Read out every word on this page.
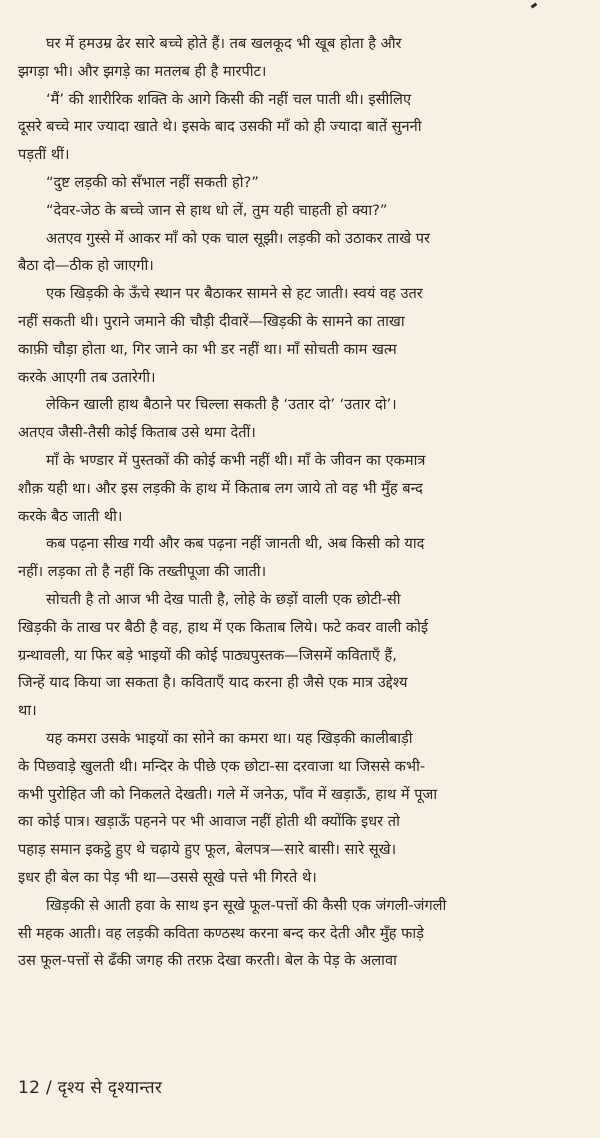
घर में हमउम्र ढेर सारे बच्चे होते हैं। तब खलकूद भी खूब होता है और
झगड़ा भी। और झगड़े का मतलब ही है मारपीट।
‘मैं’ की शारीरिक शक्ति के आगे किसी की नहीं चल पाती थी। इसीलिए
दूसरे बच्चे मार ज्यादा खाते थे। इसके बाद उसकी माँ को ही ज्यादा बातें सुननी
पड़तीं थीं।
“दुष्ट लड़की को सँभाल नहीं सकती हो?”
“देवर-जेठ के बच्चे जान से हाथ धो लें, तुम यही चाहती हो क्या?”
अतएव गुस्से में आकर माँ को एक चाल सूझी। लड़की को उठाकर ताखे पर
बैठा दो—ठीक हो जाएगी।
एक खिड़की के ऊँचे स्थान पर बैठाकर सामने से हट जाती। स्वयं वह उतर
नहीं सकती थी। पुराने जमाने की चौड़ी दीवारें—खिड़की के सामने का ताखा
काफ़ी चौड़ा होता था, गिर जाने का भी डर नहीं था। माँ सोचती काम खत्म
करके आएगी तब उतारेगी।
लेकिन खाली हाथ बैठाने पर चिल्ला सकती है ‘उतार दो’ ‘उतार दो’।
अतएव जैसी-तैसी कोई किताब उसे थमा देतीं।
माँ के भण्डार में पुस्तकों की कोई कभी नहीं थी। माँ के जीवन का एकमात्र
शौक़ यही था। और इस लड़की के हाथ में किताब लग जाये तो वह भी मुँह बन्द
करके बैठ जाती थी।
कब पढ़ना सीख गयी और कब पढ़ना नहीं जानती थी, अब किसी को याद
नहीं। लड़का तो है नहीं कि तख्तीपूजा की जाती।
सोचती है तो आज भी देख पाती है, लोहे के छड़ों वाली एक छोटी-सी
खिड़की के ताख पर बैठी है वह, हाथ में एक किताब लिये। फटे कवर वाली कोई
ग्रन्थावली, या फिर बड़े भाइयों की कोई पाठ्यपुस्तक—जिसमें कविताएँ हैं,
जिन्हें याद किया जा सकता है। कविताएँ याद करना ही जैसे एक मात्र उद्देश्य
था।
यह कमरा उसके भाइयों का सोने का कमरा था। यह खिड़की कालीबाड़ी
के पिछवाड़े खुलती थी। मन्दिर के पीछे एक छोटा-सा दरवाजा था जिससे कभी-
कभी पुरोहित जी को निकलते देखती। गले में जनेऊ, पाँव में खड़ाऊँ, हाथ में पूजा
का कोई पात्र। खड़ाऊँ पहनने पर भी आवाज नहीं होती थी क्योंकि इधर तो
पहाड़ समान इकट्ठे हुए थे चढ़ाये हुए फूल, बेलपत्र—सारे बासी। सारे सूखे।
इधर ही बेल का पेड़ भी था—उससे सूखे पत्ते भी गिरते थे।
खिड़की से आती हवा के साथ इन सूखे फूल-पत्तों की कैसी एक जंगली-जंगली
सी महक आती। वह लड़की कविता कण्ठस्थ करना बन्द कर देती और मुँह फाड़े
उस फूल-पत्तों से ढँकी जगह की तरफ़ देखा करती। बेल के पेड़ के अलावा
12 / दृश्य से दृश्यान्तर
